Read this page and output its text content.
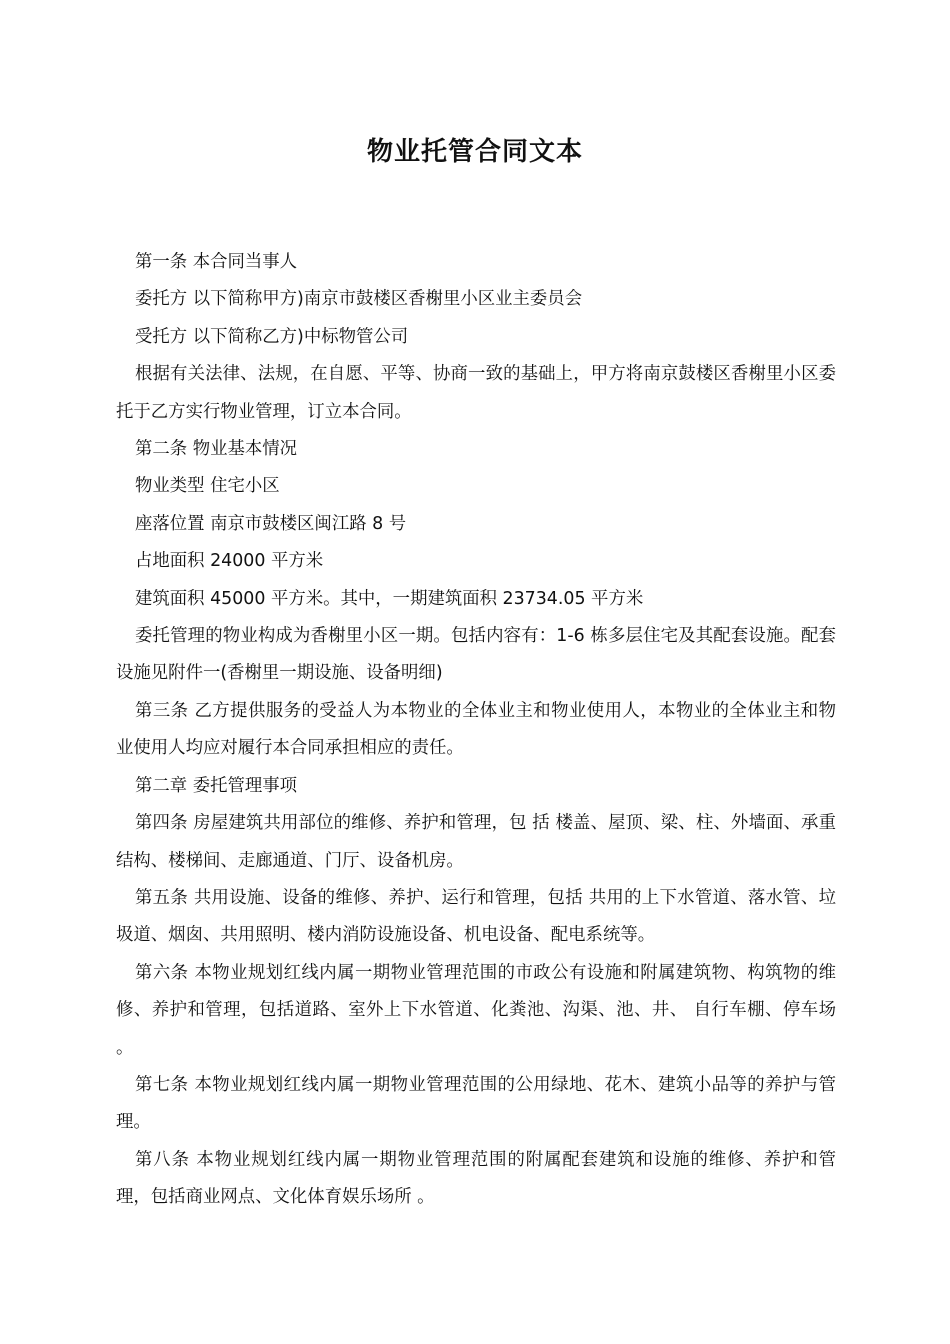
物业托管合同文本

第一条 本合同当事人

委托方 以下简称甲方)南京市鼓楼区香榭里小区业主委员会

受托方 以下简称乙方)中标物管公司

根据有关法律、法规，在自愿、平等、协商一致的基础上，甲方将南京鼓楼区香榭里小区委托于乙方实行物业管理，订立本合同。

第二条 物业基本情况

物业类型 住宅小区

座落位置 南京市鼓楼区闽江路 8 号

占地面积 24000 平方米

建筑面积 45000 平方米。其中，一期建筑面积 23734.05 平方米

委托管理的物业构成为香榭里小区一期。包括内容有：1-6 栋多层住宅及其配套设施。配套设施见附件一(香榭里一期设施、设备明细)

第三条 乙方提供服务的受益人为本物业的全体业主和物业使用人，本物业的全体业主和物业使用人均应对履行本合同承担相应的责任。

第二章 委托管理事项

第四条 房屋建筑共用部位的维修、养护和管理，包 括 楼盖、屋顶、梁、柱、外墙面、承重结构、楼梯间、走廊通道、门厅、设备机房。

第五条 共用设施、设备的维修、养护、运行和管理，包括 共用的上下水管道、落水管、垃圾道、烟囱、共用照明、楼内消防设施设备、机电设备、配电系统等。

第六条 本物业规划红线内属一期物业管理范围的市政公有设施和附属建筑物、构筑物的维修、养护和管理，包括道路、室外上下水管道、化粪池、沟渠、池、井、 自行车棚、停车场 。

第七条 本物业规划红线内属一期物业管理范围的公用绿地、花木、建筑小品等的养护与管理。

第八条 本物业规划红线内属一期物业管理范围的附属配套建筑和设施的维修、养护和管理，包括商业网点、文化体育娱乐场所 。
